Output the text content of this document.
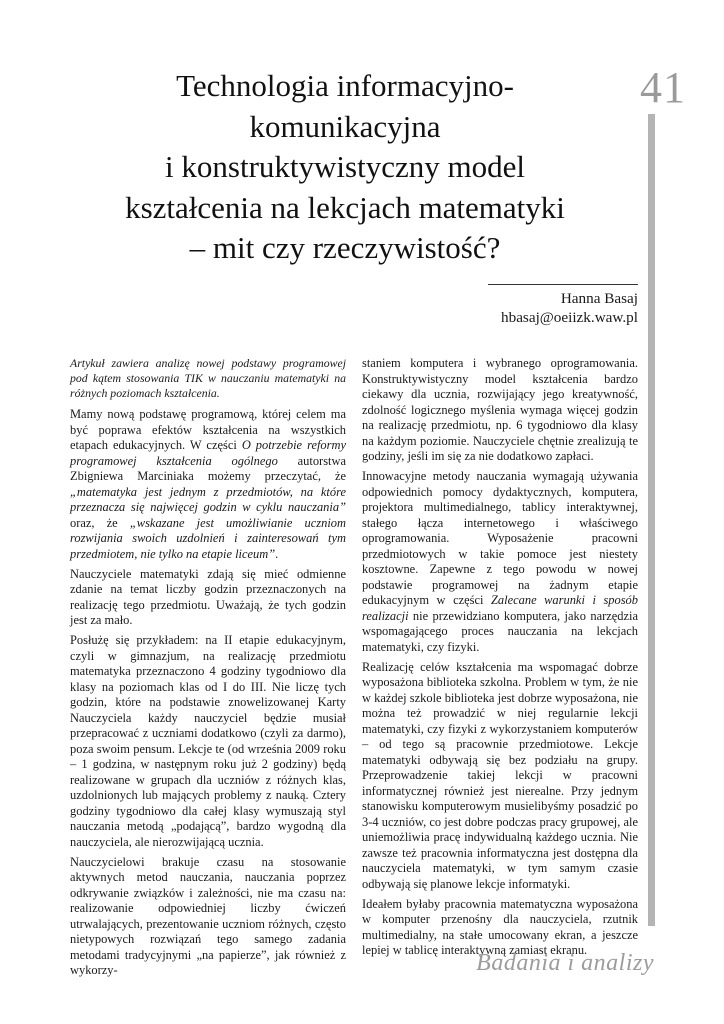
41
Technologia informacyjno-
komunikacyjna
i konstruktywistyczny model
kształcenia na lekcjach matematyki
– mit czy rzeczywistość?
Hanna Basaj
hbasaj@oeiizk.waw.pl

Artykuł zawiera analizę nowej podstawy programowej pod kątem stosowania TIK w nauczaniu matematyki na różnych poziomach kształcenia.

Mamy nową podstawę programową, której celem ma być poprawa efektów kształcenia na wszystkich etapach edukacyjnych. W części O potrzebie reformy programowej kształcenia ogólnego autorstwa Zbigniewa Marciniaka możemy przeczytać, że „matematyka jest jednym z przedmiotów, na które przeznacza się najwięcej godzin w cyklu nauczania” oraz, że „wskazane jest umożliwianie uczniom rozwijania swoich uzdolnień i zainteresowań tym przedmiotem, nie tylko na etapie liceum”.

Nauczyciele matematyki zdają się mieć odmienne zdanie na temat liczby godzin przeznaczonych na realizację tego przedmiotu. Uważają, że tych godzin jest za mało.

Posłużę się przykładem: na II etapie edukacyjnym, czyli w gimnazjum, na realizację przedmiotu matematyka przeznaczono 4 godziny tygodniowo dla klasy na poziomach klas od I do III. Nie liczę tych godzin, które na podstawie znowelizowanej Karty Nauczyciela każdy nauczyciel będzie musiał przepracować z uczniami dodatkowo (czyli za darmo), poza swoim pensum. Lekcje te (od września 2009 roku – 1 godzina, w następnym roku już 2 godziny) będą realizowane w grupach dla uczniów z różnych klas, uzdolnionych lub mających problemy z nauką. Cztery godziny tygodniowo dla całej klasy wymuszają styl nauczania metodą „podającą”, bardzo wygodną dla nauczyciela, ale nierozwijającą ucznia.

Nauczycielowi brakuje czasu na stosowanie aktywnych metod nauczania, nauczania poprzez odkrywanie związków i zależności, nie ma czasu na: realizowanie odpowiedniej liczby ćwiczeń utrwalających, prezentowanie uczniom różnych, często nietypowych rozwiązań tego samego zadania metodami tradycyjnymi „na papierze”, jak również z wykorzy-

staniem komputera i wybranego oprogramowania. Konstruktywistyczny model kształcenia bardzo ciekawy dla ucznia, rozwijający jego kreatywność, zdolność logicznego myślenia wymaga więcej godzin na realizację przedmiotu, np. 6 tygodniowo dla klasy na każdym poziomie. Nauczyciele chętnie zrealizują te godziny, jeśli im się za nie dodatkowo zapłaci.

Innowacyjne metody nauczania wymagają używania odpowiednich pomocy dydaktycznych, komputera, projektora multimedialnego, tablicy interaktywnej, stałego łącza internetowego i właściwego oprogramowania. Wyposażenie pracowni przedmiotowych w takie pomoce jest niestety kosztowne. Zapewne z tego powodu w nowej podstawie programowej na żadnym etapie edukacyjnym w części Zalecane warunki i sposób realizacji nie przewidziano komputera, jako narzędzia wspomagającego proces nauczania na lekcjach matematyki, czy fizyki.

Realizację celów kształcenia ma wspomagać dobrze wyposażona biblioteka szkolna. Problem w tym, że nie w każdej szkole biblioteka jest dobrze wyposażona, nie można też prowadzić w niej regularnie lekcji matematyki, czy fizyki z wykorzystaniem komputerów – od tego są pracownie przedmiotowe. Lekcje matematyki odbywają się bez podziału na grupy. Przeprowadzenie takiej lekcji w pracowni informatycznej również jest nierealne. Przy jednym stanowisku komputerowym musielibyśmy posadzić po 3-4 uczniów, co jest dobre podczas pracy grupowej, ale uniemożliwia pracę indywidualną każdego ucznia. Nie zawsze też pracownia informatyczna jest dostępna dla nauczyciela matematyki, w tym samym czasie odbywają się planowe lekcje informatyki.

Ideałem byłaby pracownia matematyczna wyposażona w komputer przenośny dla nauczyciela, rzutnik multimedialny, na stałe umocowany ekran, a jeszcze lepiej w tablicę interaktywną zamiast ekranu.

Badania i analizy
